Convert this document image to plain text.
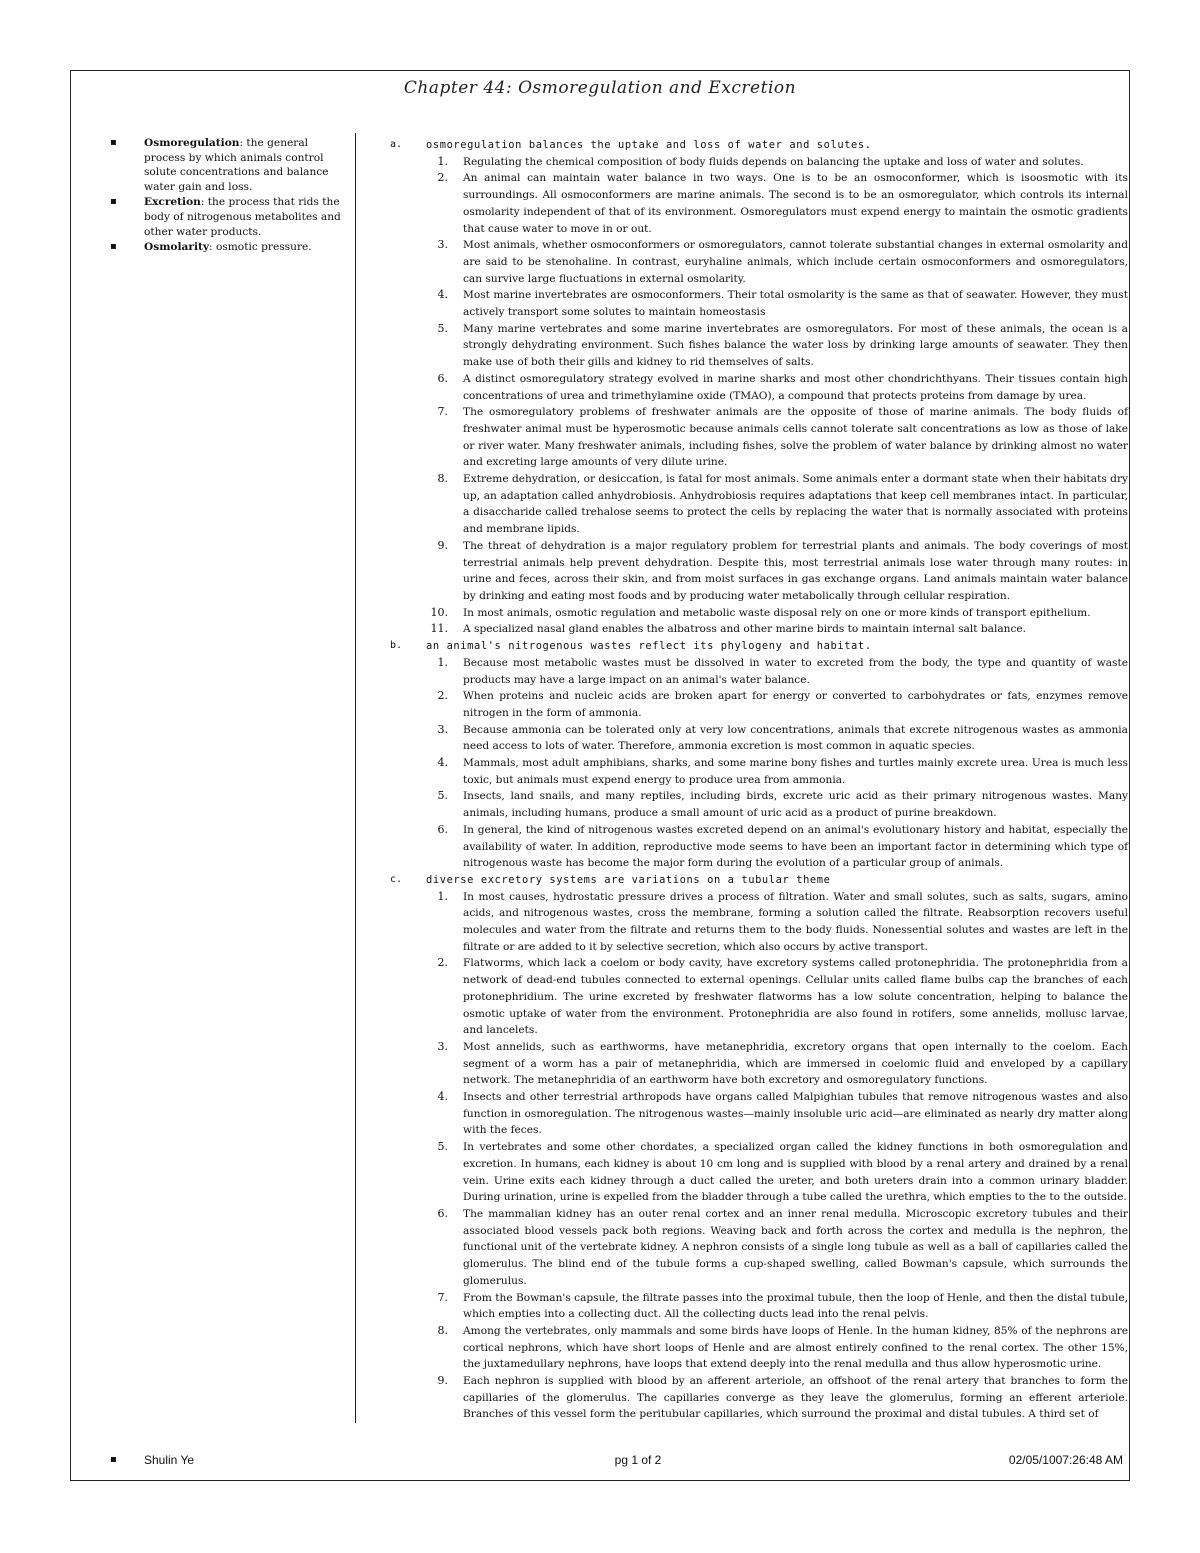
Chapter 44: Osmoregulation and Excretion
▪	Osmoregulation: the general process by which animals control solute concentrations and balance water gain and loss.
▪	Excretion: the process that rids the body of nitrogenous metabolites and other water products.
▪	Osmolarity: osmotic pressure.
a. osmoregulation balances the uptake and loss of water and solutes.
1. Regulating the chemical composition of body fluids depends on balancing the uptake and loss of water and solutes.
2. An animal can maintain water balance in two ways. One is to be an osmoconformer, which is isoosmotic with its surroundings. All osmoconformers are marine animals. The second is to be an osmoregulator, which controls its internal osmolarity independent of that of its environment. Osmoregulators must expend energy to maintain the osmotic gradients that cause water to move in or out.
3. Most animals, whether osmoconformers or osmoregulators, cannot tolerate substantial changes in external osmolarity and are said to be stenohaline. In contrast, euryhaline animals, which include certain osmoconformers and osmoregulators, can survive large fluctuations in external osmolarity.
4. Most marine invertebrates are osmoconformers. Their total osmolarity is the same as that of seawater. However, they must actively transport some solutes to maintain homeostasis
5. Many marine vertebrates and some marine invertebrates are osmoregulators. For most of these animals, the ocean is a strongly dehydrating environment. Such fishes balance the water loss by drinking large amounts of seawater. They then make use of both their gills and kidney to rid themselves of salts.
6. A distinct osmoregulatory strategy evolved in marine sharks and most other chondrichthyans. Their tissues contain high concentrations of urea and trimethylamine oxide (TMAO), a compound that protects proteins from damage by urea.
7. The osmoregulatory problems of freshwater animals are the opposite of those of marine animals. The body fluids of freshwater animal must be hyperosmotic because animals cells cannot tolerate salt concentrations as low as those of lake or river water. Many freshwater animals, including fishes, solve the problem of water balance by drinking almost no water and excreting large amounts of very dilute urine.
8. Extreme dehydration, or desiccation, is fatal for most animals. Some animals enter a dormant state when their habitats dry up, an adaptation called anhydrobiosis. Anhydrobiosis requires adaptations that keep cell membranes intact. In particular, a disaccharide called trehalose seems to protect the cells by replacing the water that is normally associated with proteins and membrane lipids.
9. The threat of dehydration is a major regulatory problem for terrestrial plants and animals. The body coverings of most terrestrial animals help prevent dehydration. Despite this, most terrestrial animals lose water through many routes: in urine and feces, across their skin, and from moist surfaces in gas exchange organs. Land animals maintain water balance by drinking and eating most foods and by producing water metabolically through cellular respiration.
10. In most animals, osmotic regulation and metabolic waste disposal rely on one or more kinds of transport epithelium.
11. A specialized nasal gland enables the albatross and other marine birds to maintain internal salt balance.
b. an animal's nitrogenous wastes reflect its phylogeny and habitat.
1. Because most metabolic wastes must be dissolved in water to excreted from the body, the type and quantity of waste products may have a large impact on an animal's water balance.
2. When proteins and nucleic acids are broken apart for energy or converted to carbohydrates or fats, enzymes remove nitrogen in the form of ammonia.
3. Because ammonia can be tolerated only at very low concentrations, animals that excrete nitrogenous wastes as ammonia need access to lots of water. Therefore, ammonia excretion is most common in aquatic species.
4. Mammals, most adult amphibians, sharks, and some marine bony fishes and turtles mainly excrete urea. Urea is much less toxic, but animals must expend energy to produce urea from ammonia.
5. Insects, land snails, and many reptiles, including birds, excrete uric acid as their primary nitrogenous wastes. Many animals, including humans, produce a small amount of uric acid as a product of purine breakdown.
6. In general, the kind of nitrogenous wastes excreted depend on an animal's evolutionary history and habitat, especially the availability of water. In addition, reproductive mode seems to have been an important factor in determining which type of nitrogenous waste has become the major form during the evolution of a particular group of animals.
c. diverse excretory systems are variations on a tubular theme
1. In most causes, hydrostatic pressure drives a process of filtration. Water and small solutes, such as salts, sugars, amino acids, and nitrogenous wastes, cross the membrane, forming a solution called the filtrate. Reabsorption recovers useful molecules and water from the filtrate and returns them to the body fluids. Nonessential solutes and wastes are left in the filtrate or are added to it by selective secretion, which also occurs by active transport.
2. Flatworms, which lack a coelom or body cavity, have excretory systems called protonephridia. The protonephridia from a network of dead-end tubules connected to external openings. Cellular units called flame bulbs cap the branches of each protonephridium. The urine excreted by freshwater flatworms has a low solute concentration, helping to balance the osmotic uptake of water from the environment. Protonephridia are also found in rotifers, some annelids, mollusc larvae, and lancelets.
3. Most annelids, such as earthworms, have metanephridia, excretory organs that open internally to the coelom. Each segment of a worm has a pair of metanephridia, which are immersed in coelomic fluid and enveloped by a capillary network. The metanephridia of an earthworm have both excretory and osmoregulatory functions.
4. Insects and other terrestrial arthropods have organs called Malpighian tubules that remove nitrogenous wastes and also function in osmoregulation. The nitrogenous wastes—mainly insoluble uric acid—are eliminated as nearly dry matter along with the feces.
5. In vertebrates and some other chordates, a specialized organ called the kidney functions in both osmoregulation and excretion. In humans, each kidney is about 10 cm long and is supplied with blood by a renal artery and drained by a renal vein. Urine exits each kidney through a duct called the ureter, and both ureters drain into a common urinary bladder. During urination, urine is expelled from the bladder through a tube called the urethra, which empties to the to the outside.
6. The mammalian kidney has an outer renal cortex and an inner renal medulla. Microscopic excretory tubules and their associated blood vessels pack both regions. Weaving back and forth across the cortex and medulla is the nephron, the functional unit of the vertebrate kidney. A nephron consists of a single long tubule as well as a ball of capillaries called the glomerulus. The blind end of the tubule forms a cup-shaped swelling, called Bowman's capsule, which surrounds the glomerulus.
7. From the Bowman's capsule, the filtrate passes into the proximal tubule, then the loop of Henle, and then the distal tubule, which empties into a collecting duct. All the collecting ducts lead into the renal pelvis.
8. Among the vertebrates, only mammals and some birds have loops of Henle. In the human kidney, 85% of the nephrons are cortical nephrons, which have short loops of Henle and are almost entirely confined to the renal cortex. The other 15%, the juxtamedullary nephrons, have loops that extend deeply into the renal medulla and thus allow hyperosmotic urine.
9. Each nephron is supplied with blood by an afferent arteriole, an offshoot of the renal artery that branches to form the capillaries of the glomerulus. The capillaries converge as they leave the glomerulus, forming an efferent arteriole. Branches of this vessel form the peritubular capillaries, which surround the proximal and distal tubules. A third set of
▪ Shulin Ye	pg 1 of 2	02/05/1007:26:48 AM
